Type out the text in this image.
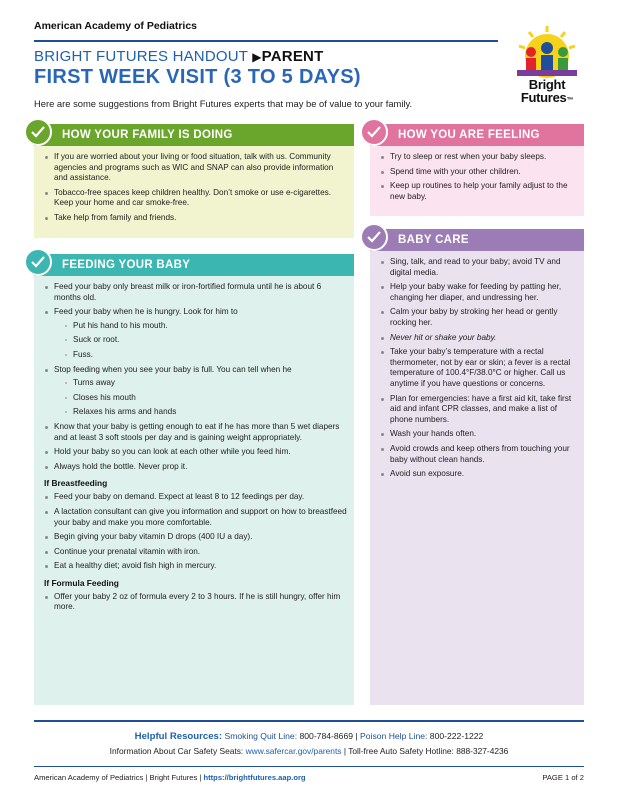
American Academy of Pediatrics
BRIGHT FUTURES HANDOUT ▶PARENT
FIRST WEEK VISIT (3 TO 5 DAYS)
Here are some suggestions from Bright Futures experts that may be of value to your family.
Bright
Futures™
HOW YOUR FAMILY IS DOING
If you are worried about your living or food situation, talk with us. Community agencies and programs such as WIC and SNAP can also provide information and assistance.
Tobacco-free spaces keep children healthy. Don’t smoke or use e-cigarettes. Keep your home and car smoke-free.
Take help from family and friends.
HOW YOU ARE FEELING
Try to sleep or rest when your baby sleeps.
Spend time with your other children.
Keep up routines to help your family adjust to the new baby.
FEEDING YOUR BABY
Feed your baby only breast milk or iron-fortified formula until he is about 6 months old.
Feed your baby when he is hungry. Look for him to
Put his hand to his mouth.
Suck or root.
Fuss.
Stop feeding when you see your baby is full. You can tell when he
Turns away
Closes his mouth
Relaxes his arms and hands
Know that your baby is getting enough to eat if he has more than 5 wet diapers and at least 3 soft stools per day and is gaining weight appropriately.
Hold your baby so you can look at each other while you feed him.
Always hold the bottle. Never prop it.
If Breastfeeding
Feed your baby on demand. Expect at least 8 to 12 feedings per day.
A lactation consultant can give you information and support on how to breastfeed your baby and make you more comfortable.
Begin giving your baby vitamin D drops (400 IU a day).
Continue your prenatal vitamin with iron.
Eat a healthy diet; avoid fish high in mercury.
If Formula Feeding
Offer your baby 2 oz of formula every 2 to 3 hours. If he is still hungry, offer him more.
BABY CARE
Sing, talk, and read to your baby; avoid TV and digital media.
Help your baby wake for feeding by patting her, changing her diaper, and undressing her.
Calm your baby by stroking her head or gently rocking her.
Never hit or shake your baby.
Take your baby’s temperature with a rectal thermometer, not by ear or skin; a fever is a rectal temperature of 100.4°F/38.0°C or higher. Call us anytime if you have questions or concerns.
Plan for emergencies: have a first aid kit, take first aid and infant CPR classes, and make a list of phone numbers.
Wash your hands often.
Avoid crowds and keep others from touching your baby without clean hands.
Avoid sun exposure.
Helpful Resources: Smoking Quit Line: 800-784-8669 | Poison Help Line: 800-222-1222
Information About Car Safety Seats: www.safercar.gov/parents | Toll-free Auto Safety Hotline: 888-327-4236
American Academy of Pediatrics | Bright Futures | https://brightfutures.aap.org	PAGE 1 of 2
